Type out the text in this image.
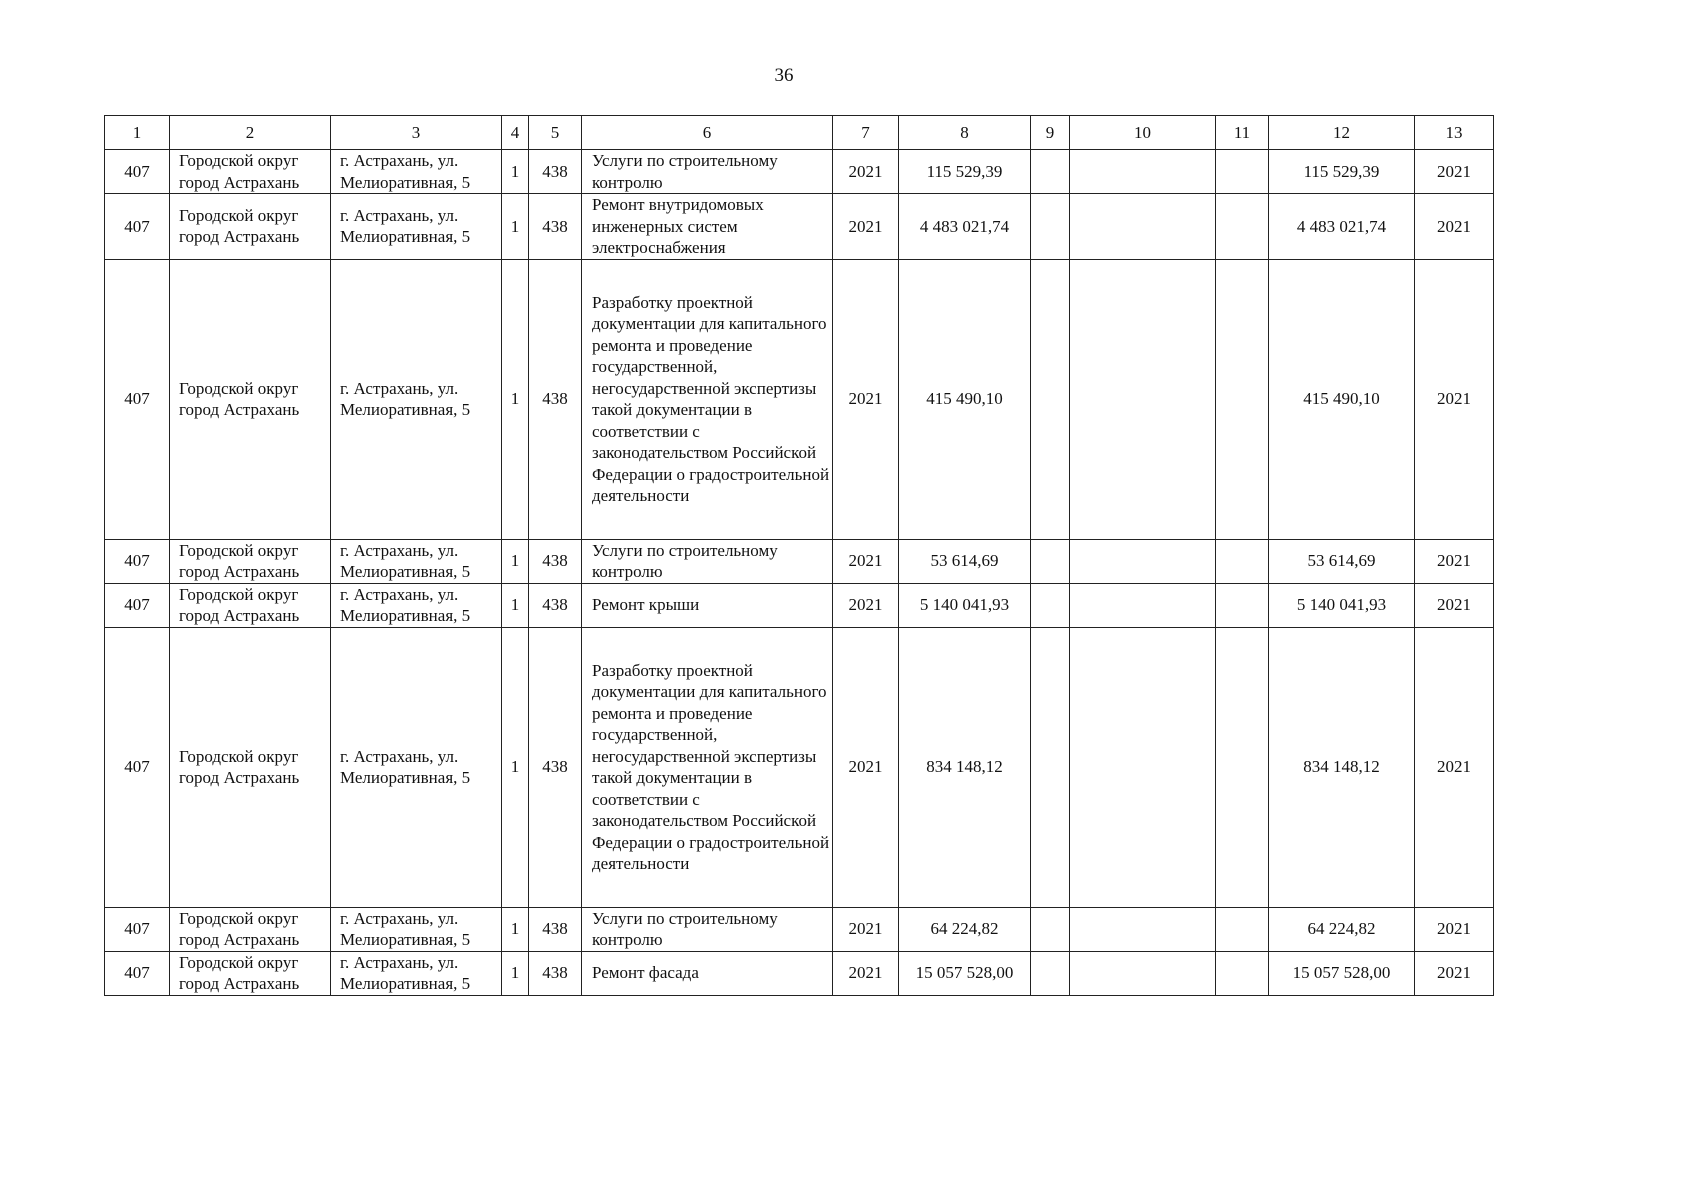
36
1	2	3	4	5	6	7	8	9	10	11	12	13
407	Городской округ город Астрахань	г. Астрахань, ул. Мелиоративная, 5	1	438	Услуги по строительному контролю	2021	115 529,39				115 529,39	2021
407	Городской округ город Астрахань	г. Астрахань, ул. Мелиоративная, 5	1	438	Ремонт внутридомовых инженерных систем электроснабжения	2021	4 483 021,74				4 483 021,74	2021
407	Городской округ город Астрахань	г. Астрахань, ул. Мелиоративная, 5	1	438	Разработку проектной документации для капитального ремонта и проведение государственной, негосударственной экспертизы такой документации в соответствии с законодательством Российской Федерации о градостроительной деятельности	2021	415 490,10				415 490,10	2021
407	Городской округ город Астрахань	г. Астрахань, ул. Мелиоративная, 5	1	438	Услуги по строительному контролю	2021	53 614,69				53 614,69	2021
407	Городской округ город Астрахань	г. Астрахань, ул. Мелиоративная, 5	1	438	Ремонт крыши	2021	5 140 041,93				5 140 041,93	2021
407	Городской округ город Астрахань	г. Астрахань, ул. Мелиоративная, 5	1	438	Разработку проектной документации для капитального ремонта и проведение государственной, негосударственной экспертизы такой документации в соответствии с законодательством Российской Федерации о градостроительной деятельности	2021	834 148,12				834 148,12	2021
407	Городской округ город Астрахань	г. Астрахань, ул. Мелиоративная, 5	1	438	Услуги по строительному контролю	2021	64 224,82				64 224,82	2021
407	Городской округ город Астрахань	г. Астрахань, ул. Мелиоративная, 5	1	438	Ремонт фасада	2021	15 057 528,00				15 057 528,00	2021
